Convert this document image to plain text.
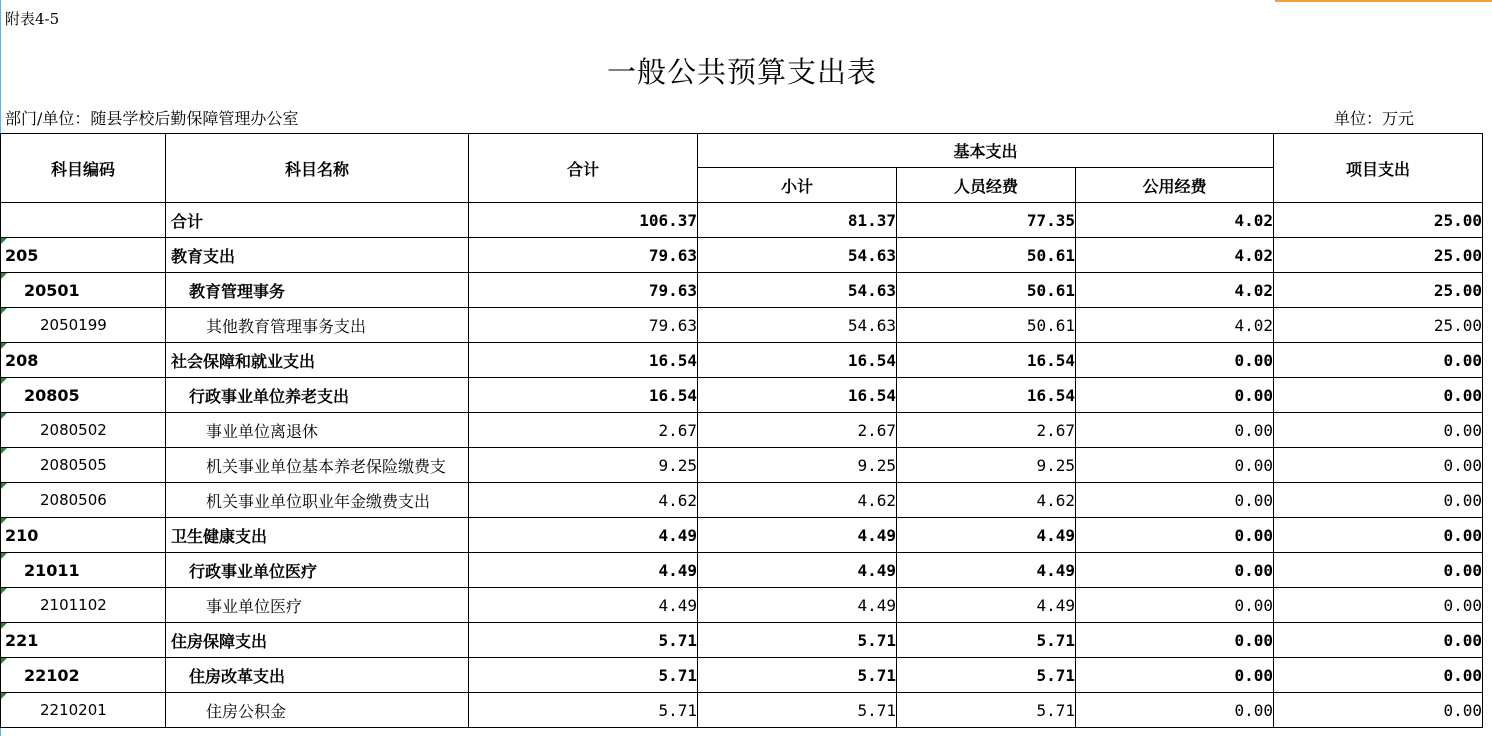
附表4-5
一般公共预算支出表
部门/单位：随县学校后勤保障管理办公室	单位：万元
科目编码	科目名称	合计	基本支出			项目支出
			小计	人员经费	公用经费	
	合计	106.37	81.37	77.35	4.02	25.00
205	教育支出	79.63	54.63	50.61	4.02	25.00
20501	教育管理事务	79.63	54.63	50.61	4.02	25.00
2050199	其他教育管理事务支出	79.63	54.63	50.61	4.02	25.00
208	社会保障和就业支出	16.54	16.54	16.54	0.00	0.00
20805	行政事业单位养老支出	16.54	16.54	16.54	0.00	0.00
2080502	事业单位离退休	2.67	2.67	2.67	0.00	0.00
2080505	机关事业单位基本养老保险缴费支	9.25	9.25	9.25	0.00	0.00
2080506	机关事业单位职业年金缴费支出	4.62	4.62	4.62	0.00	0.00
210	卫生健康支出	4.49	4.49	4.49	0.00	0.00
21011	行政事业单位医疗	4.49	4.49	4.49	0.00	0.00
2101102	事业单位医疗	4.49	4.49	4.49	0.00	0.00
221	住房保障支出	5.71	5.71	5.71	0.00	0.00
22102	住房改革支出	5.71	5.71	5.71	0.00	0.00
2210201	住房公积金	5.71	5.71	5.71	0.00	0.00
